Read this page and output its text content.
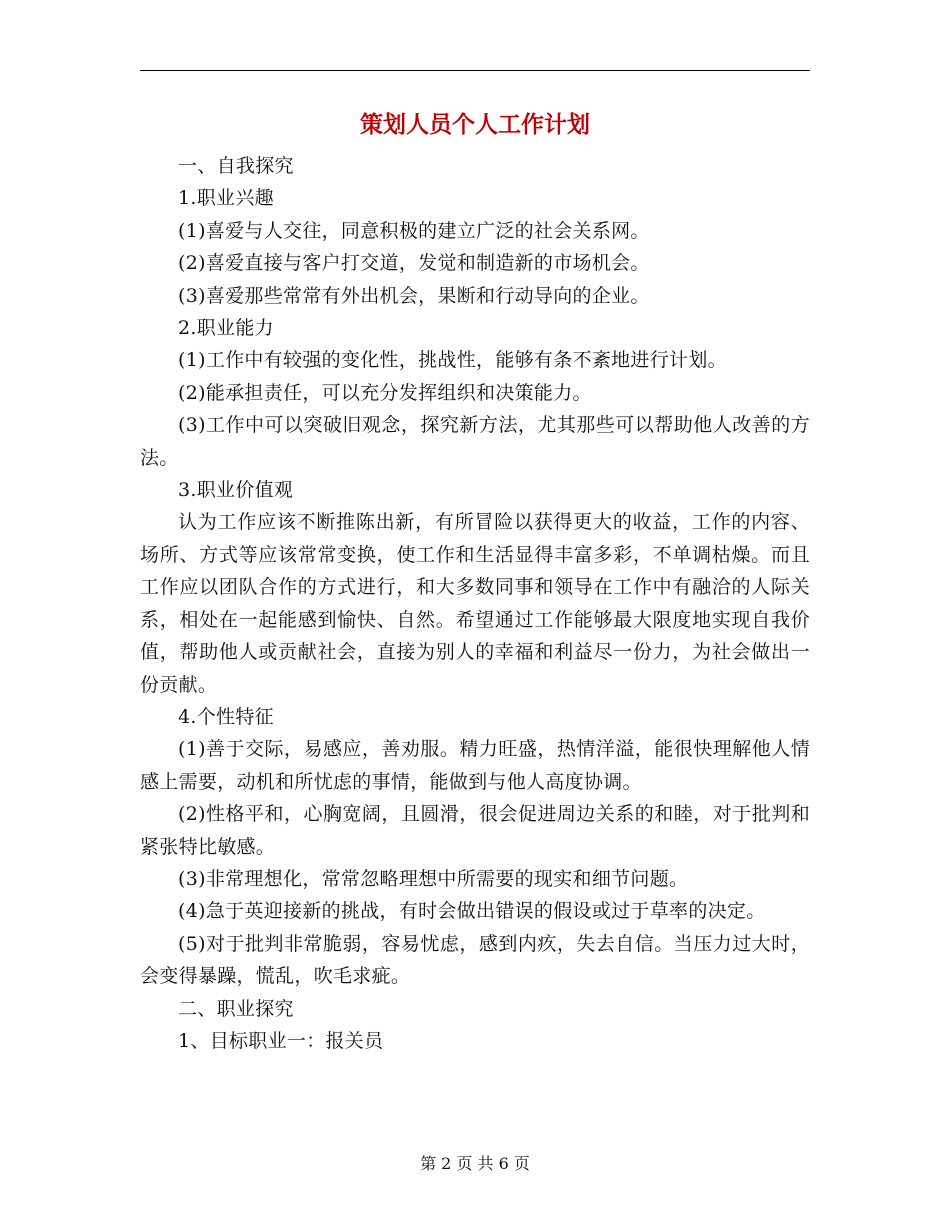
策划人员个人工作计划

一、自我探究

1.职业兴趣

(1)喜爱与人交往，同意积极的建立广泛的社会关系网。

(2)喜爱直接与客户打交道，发觉和制造新的市场机会。

(3)喜爱那些常常有外出机会，果断和行动导向的企业。

2.职业能力

(1)工作中有较强的变化性，挑战性，能够有条不紊地进行计划。

(2)能承担责任，可以充分发挥组织和决策能力。

(3)工作中可以突破旧观念，探究新方法，尤其那些可以帮助他人改善的方法。

3.职业价值观

认为工作应该不断推陈出新，有所冒险以获得更大的收益，工作的内容、场所、方式等应该常常变换，使工作和生活显得丰富多彩，不单调枯燥。而且工作应以团队合作的方式进行，和大多数同事和领导在工作中有融洽的人际关系，相处在一起能感到愉快、自然。希望通过工作能够最大限度地实现自我价值，帮助他人或贡献社会，直接为别人的幸福和利益尽一份力，为社会做出一份贡献。

4.个性特征

(1)善于交际，易感应，善劝服。精力旺盛，热情洋溢，能很快理解他人情感上需要，动机和所忧虑的事情，能做到与他人高度协调。

(2)性格平和，心胸宽阔，且圆滑，很会促进周边关系的和睦，对于批判和紧张特比敏感。

(3)非常理想化，常常忽略理想中所需要的现实和细节问题。

(4)急于英迎接新的挑战，有时会做出错误的假设或过于草率的决定。

(5)对于批判非常脆弱，容易忧虑，感到内疚，失去自信。当压力过大时，会变得暴躁，慌乱，吹毛求疵。

二、职业探究

1、目标职业一：报关员

第 2 页 共 6 页
